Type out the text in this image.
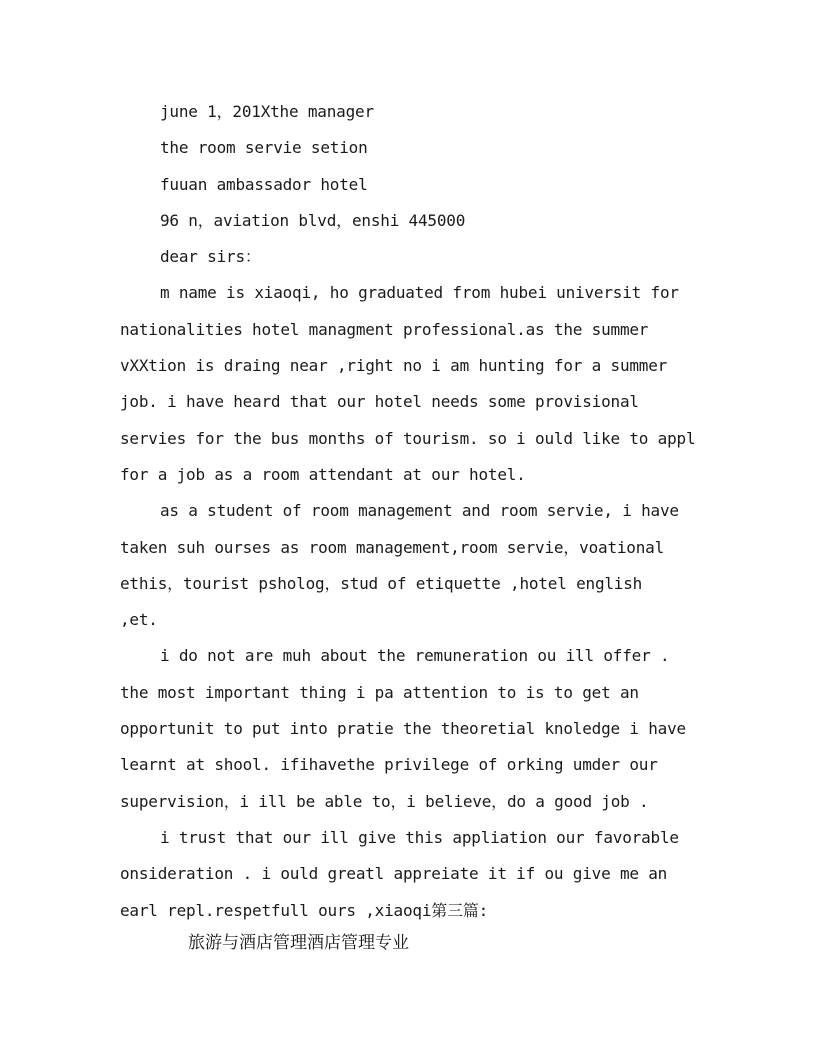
june 1，201Xthe manager
the room servie setion
fuuan ambassador hotel
96 n，aviation blvd，enshi 445000
dear sirs：
m name is xiaoqi, ho graduated from hubei universit for
nationalities hotel managment professional.as the summer
vXXtion is draing near ,right no i am hunting for a summer
job. i have heard that our hotel needs some provisional
servies for the bus months of tourism. so i ould like to appl
for a job as a room attendant at our hotel.
as a student of room management and room servie, i have
taken suh ourses as room management,room servie，voational
ethis，tourist psholog，stud of etiquette ,hotel english
,et.
i do not are muh about the remuneration ou ill offer .
the most important thing i pa attention to is to get an
opportunit to put into pratie the theoretial knoledge i have
learnt at shool. ifihavethe privilege of orking umder our
supervision，i ill be able to，i believe，do a good job .
i trust that our ill give this appliation our favorable
onsideration . i ould greatl appreiate it if ou give me an
earl repl.respetfull ours ,xiaoqi第三篇:
旅游与酒店管理酒店管理专业
